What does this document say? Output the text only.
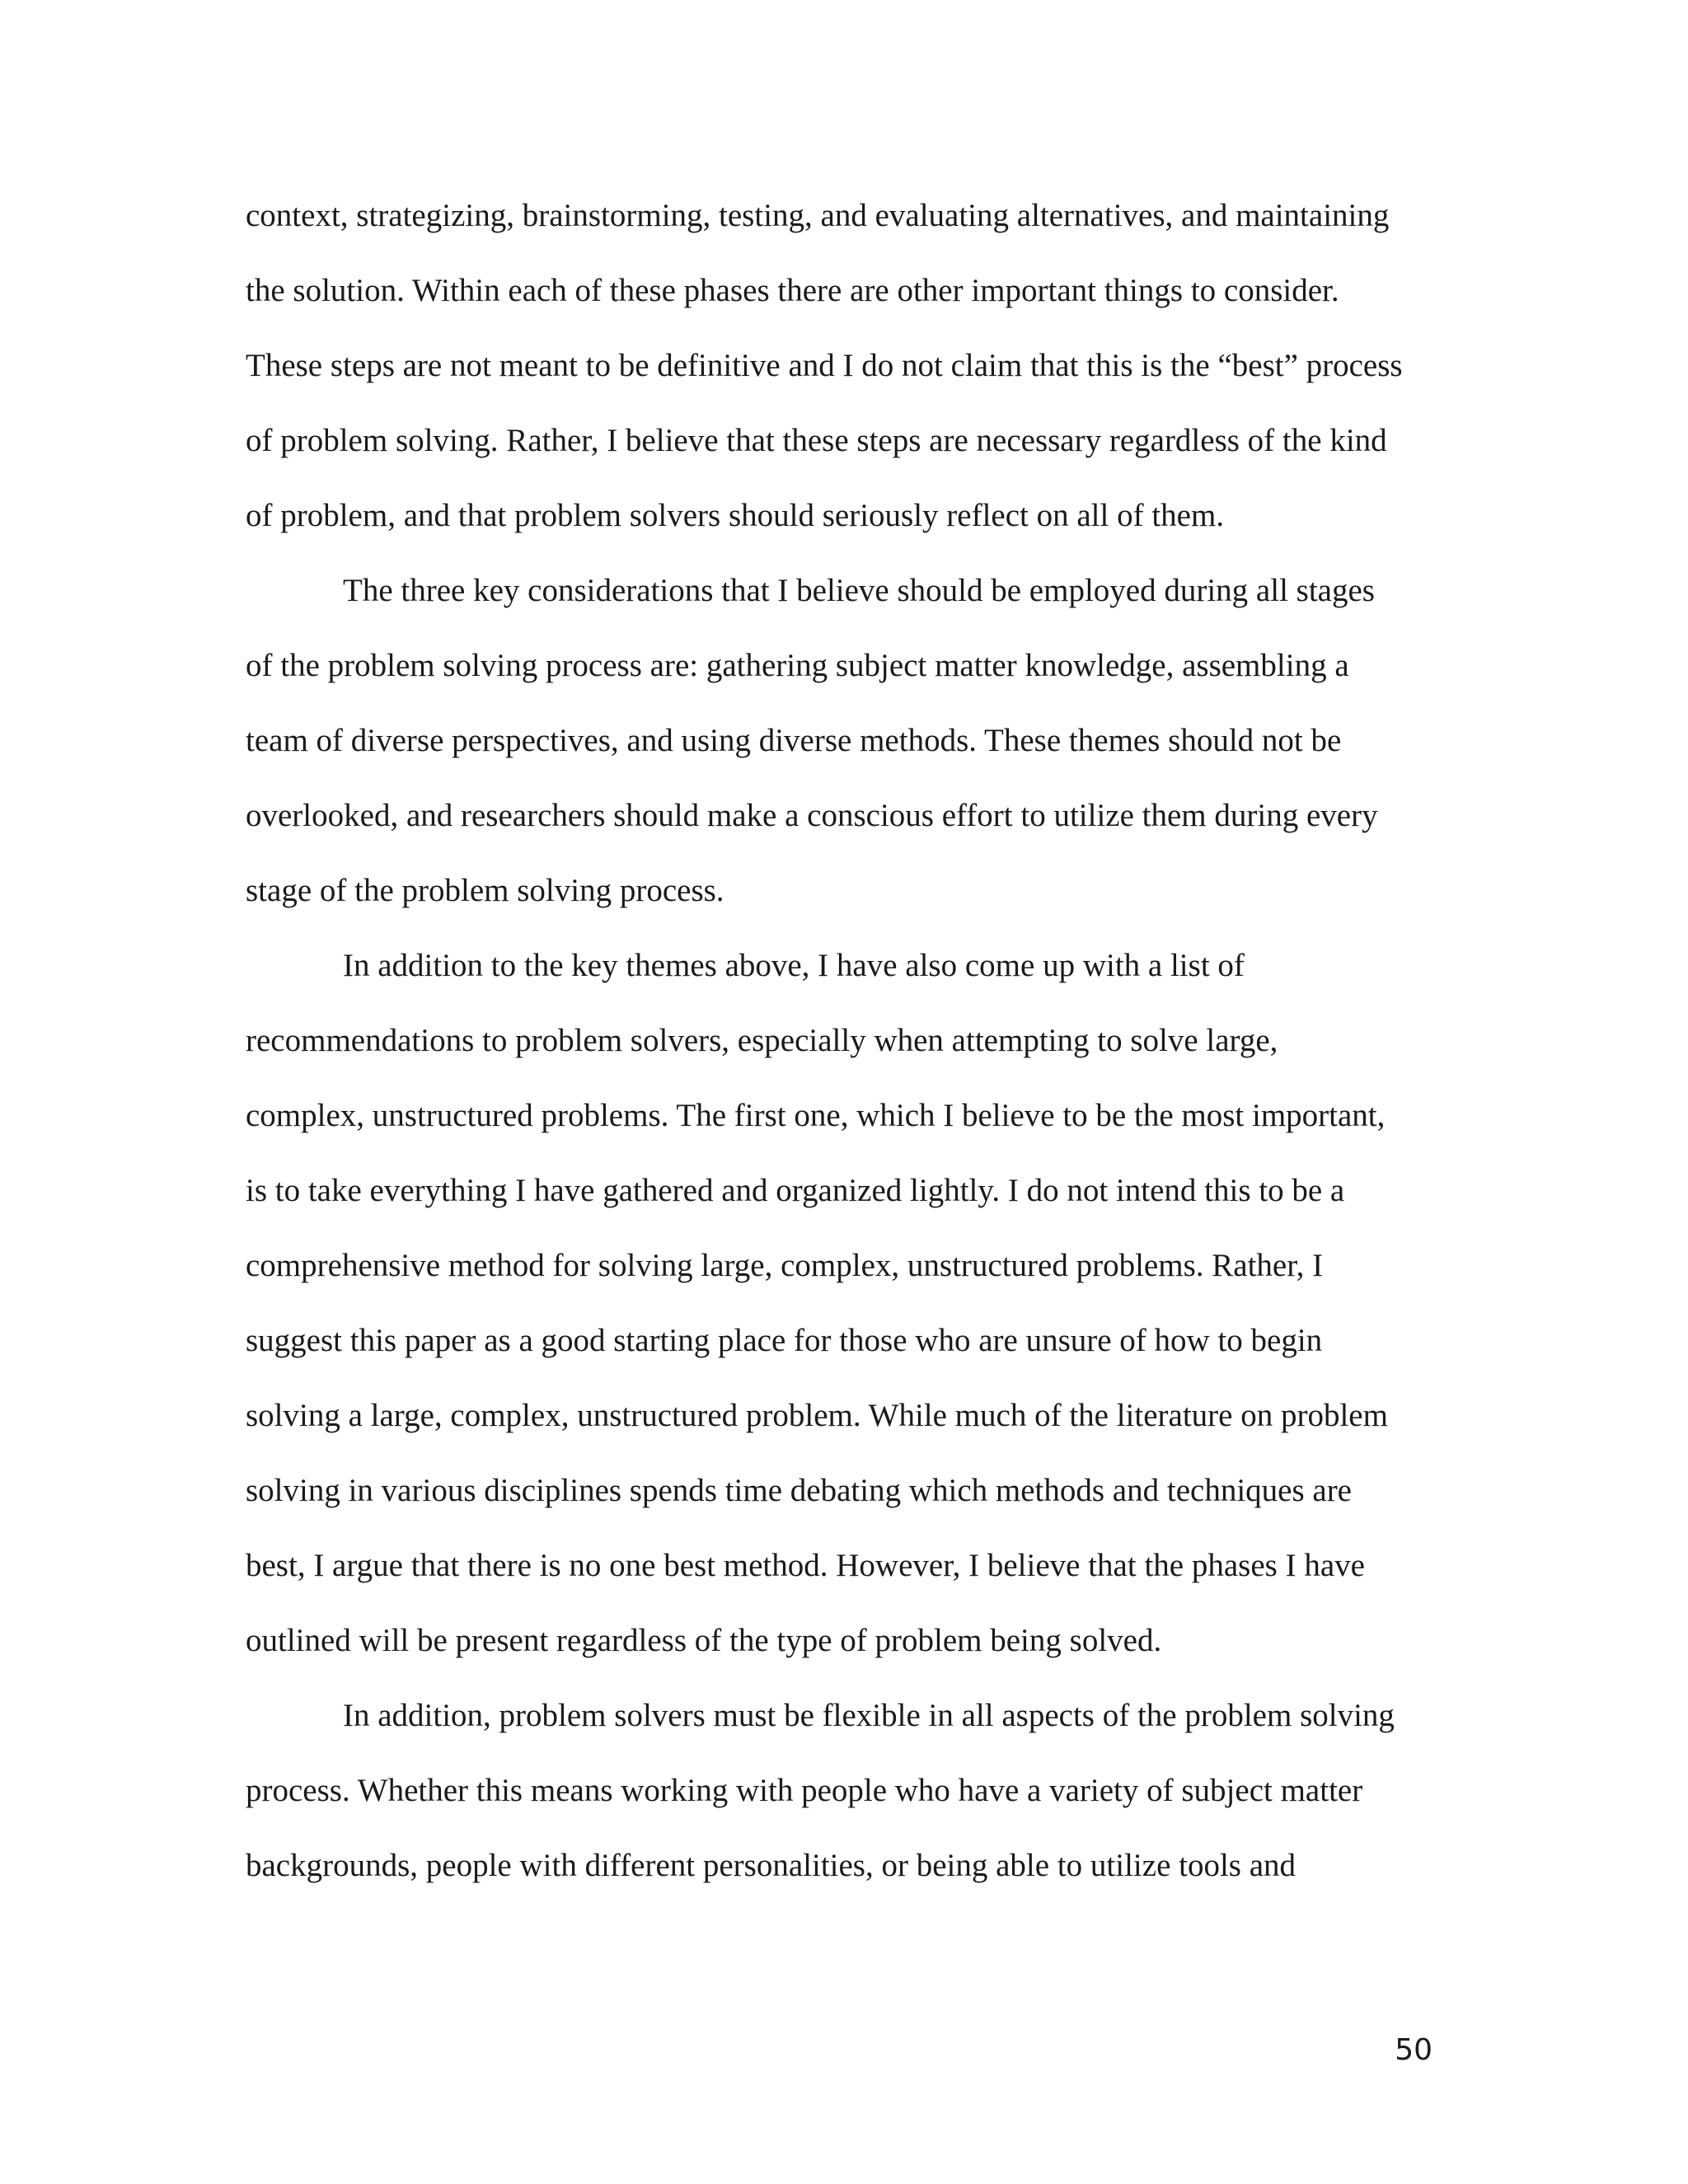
context, strategizing, brainstorming, testing, and evaluating alternatives, and maintaining
the solution. Within each of these phases there are other important things to consider.
These steps are not meant to be definitive and I do not claim that this is the “best” process
of problem solving. Rather, I believe that these steps are necessary regardless of the kind
of problem, and that problem solvers should seriously reflect on all of them.
The three key considerations that I believe should be employed during all stages
of the problem solving process are: gathering subject matter knowledge, assembling a
team of diverse perspectives, and using diverse methods. These themes should not be
overlooked, and researchers should make a conscious effort to utilize them during every
stage of the problem solving process.
In addition to the key themes above, I have also come up with a list of
recommendations to problem solvers, especially when attempting to solve large,
complex, unstructured problems. The first one, which I believe to be the most important,
is to take everything I have gathered and organized lightly. I do not intend this to be a
comprehensive method for solving large, complex, unstructured problems. Rather, I
suggest this paper as a good starting place for those who are unsure of how to begin
solving a large, complex, unstructured problem. While much of the literature on problem
solving in various disciplines spends time debating which methods and techniques are
best, I argue that there is no one best method. However, I believe that the phases I have
outlined will be present regardless of the type of problem being solved.
In addition, problem solvers must be flexible in all aspects of the problem solving
process. Whether this means working with people who have a variety of subject matter
backgrounds, people with different personalities, or being able to utilize tools and
50
